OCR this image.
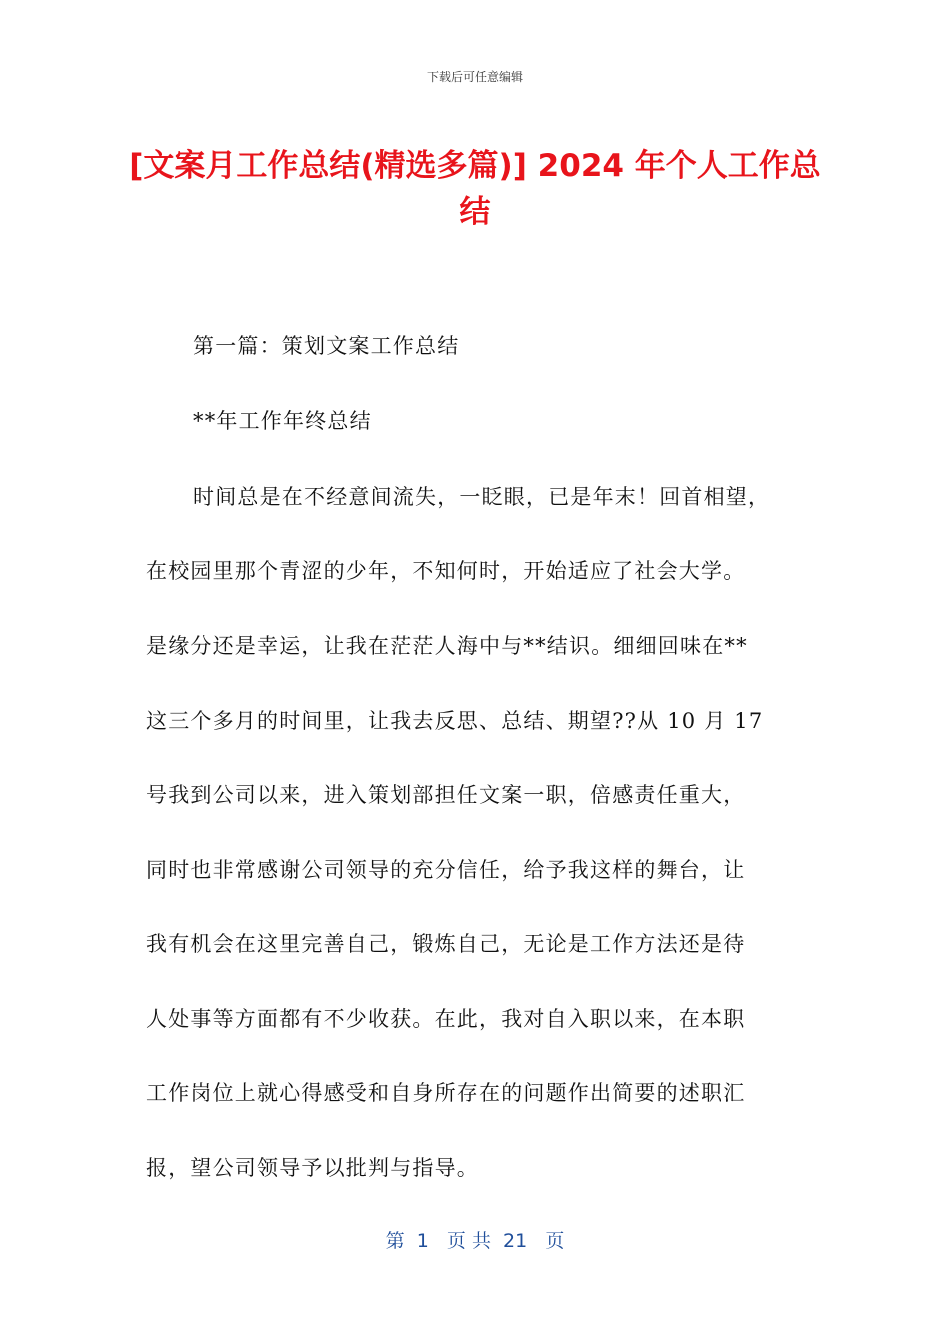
下载后可任意编辑
[文案月工作总结(精选多篇)] 2024 年个人工作总结
第一篇：策划文案工作总结
**年工作年终总结
时间总是在不经意间流失，一眨眼，已是年末！回首相望，
在校园里那个青涩的少年，不知何时，开始适应了社会大学。
是缘分还是幸运，让我在茫茫人海中与**结识。细细回味在**
这三个多月的时间里，让我去反思、总结、期望??从 10 月 17
号我到公司以来，进入策划部担任文案一职，倍感责任重大，
同时也非常感谢公司领导的充分信任，给予我这样的舞台，让
我有机会在这里完善自己，锻炼自己，无论是工作方法还是待
人处事等方面都有不少收获。在此，我对自入职以来，在本职
工作岗位上就心得感受和自身所存在的问题作出简要的述职汇
报，望公司领导予以批判与指导。
第  1   页 共  21   页
